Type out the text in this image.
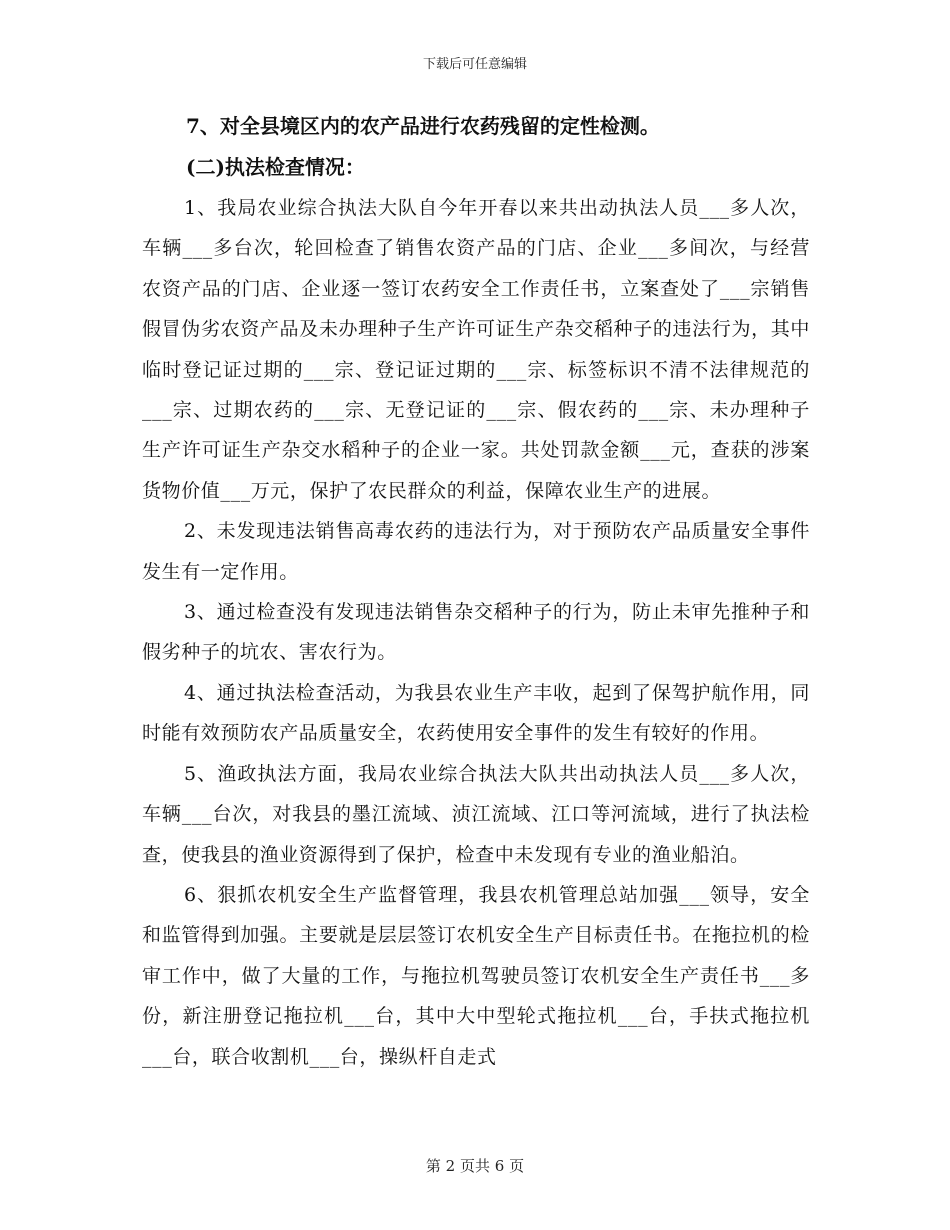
下载后可任意编辑

7、对全县境区内的农产品进行农药残留的定性检测。

(二)执法检查情况：

1、我局农业综合执法大队自今年开春以来共出动执法人员___多人次，车辆___多台次，轮回检查了销售农资产品的门店、企业___多间次，与经营农资产品的门店、企业逐一签订农药安全工作责任书，立案查处了___宗销售假冒伪劣农资产品及未办理种子生产许可证生产杂交稻种子的违法行为，其中临时登记证过期的___宗、登记证过期的___宗、标签标识不清不法律规范的___宗、过期农药的___宗、无登记证的___宗、假农药的___宗、未办理种子生产许可证生产杂交水稻种子的企业一家。共处罚款金额___元，查获的涉案货物价值___万元，保护了农民群众的利益，保障农业生产的进展。

2、未发现违法销售高毒农药的违法行为，对于预防农产品质量安全事件发生有一定作用。

3、通过检查没有发现违法销售杂交稻种子的行为，防止未审先推种子和假劣种子的坑农、害农行为。

4、通过执法检查活动，为我县农业生产丰收，起到了保驾护航作用，同时能有效预防农产品质量安全，农药使用安全事件的发生有较好的作用。

5、渔政执法方面，我局农业综合执法大队共出动执法人员___多人次，车辆___台次，对我县的墨江流域、浈江流域、江口等河流域，进行了执法检查，使我县的渔业资源得到了保护，检查中未发现有专业的渔业船泊。

6、狠抓农机安全生产监督管理，我县农机管理总站加强___领导，安全和监管得到加强。主要就是层层签订农机安全生产目标责任书。在拖拉机的检审工作中，做了大量的工作，与拖拉机驾驶员签订农机安全生产责任书___多份，新注册登记拖拉机___台，其中大中型轮式拖拉机___台，手扶式拖拉机___台，联合收割机___台，操纵杆自走式

第 2 页共 6 页
